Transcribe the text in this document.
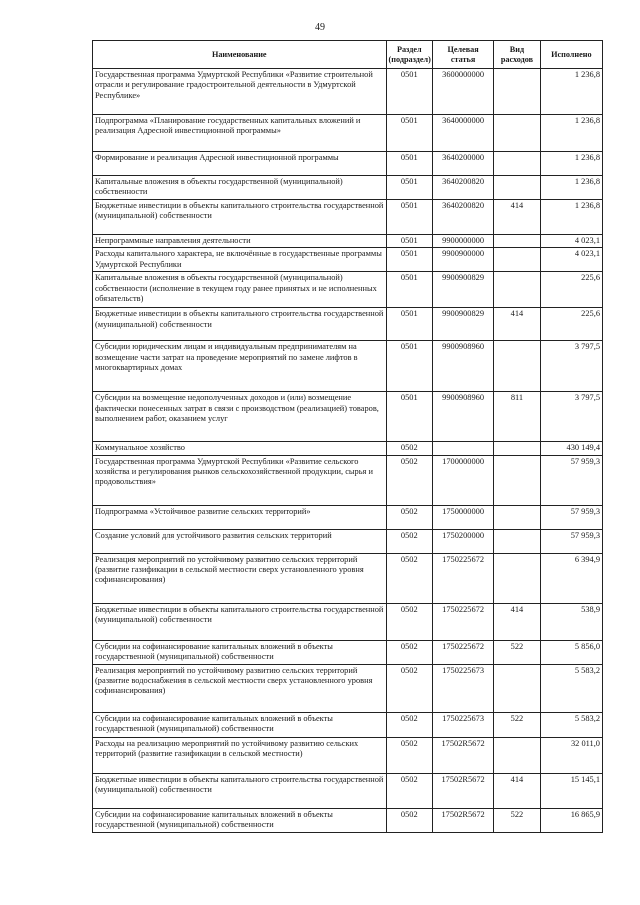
49
Наименование	Раздел (подраздел)	Целевая статья	Вид расходов	Исполнено
Государственная программа Удмуртской Республики «Развитие строительной отрасли и регулирование градостроительной деятельности в Удмуртской Республике»	0501	3600000000		1 236,8
Подпрограмма «Планирование государственных капитальных вложений и реализация Адресной инвестиционной программы»	0501	3640000000		1 236,8
Формирование и реализация Адресной инвестиционной программы	0501	3640200000		1 236,8
Капитальные вложения в объекты государственной (муниципальной) собственности	0501	3640200820		1 236,8
Бюджетные инвестиции в объекты капитального строительства государственной (муниципальной) собственности	0501	3640200820	414	1 236,8
Непрограммные направления деятельности	0501	9900000000		4 023,1
Расходы капитального характера, не включённые в государственные программы Удмуртской Республики	0501	9900900000		4 023,1
Капитальные вложения в объекты государственной (муниципальной) собственности (исполнение в текущем году ранее принятых и не исполненных обязательств)	0501	9900900829		225,6
Бюджетные инвестиции в объекты капитального строительства государственной (муниципальной) собственности	0501	9900900829	414	225,6
Субсидии юридическим лицам и индивидуальным предпринимателям на возмещение части затрат на проведение мероприятий по замене лифтов в многоквартирных домах	0501	9900908960		3 797,5
Субсидии на возмещение недополученных доходов и (или) возмещение фактически понесенных затрат в связи с производством (реализацией) товаров, выполнением работ, оказанием услуг	0501	9900908960	811	3 797,5
Коммунальное хозяйство	0502			430 149,4
Государственная программа Удмуртской Республики «Развитие сельского хозяйства и регулирования рынков сельскохозяйственной продукции, сырья и продовольствия»	0502	1700000000		57 959,3
Подпрограмма «Устойчивое развитие сельских территорий»	0502	1750000000		57 959,3
Создание условий для устойчивого развития сельских территорий	0502	1750200000		57 959,3
Реализация мероприятий по устойчивому развитию сельских территорий (развитие газификации в сельской местности сверх установленного уровня софинансирования)	0502	1750225672		6 394,9
Бюджетные инвестиции в объекты капитального строительства государственной (муниципальной) собственности	0502	1750225672	414	538,9
Субсидии на софинансирование капитальных вложений в объекты государственной (муниципальной) собственности	0502	1750225672	522	5 856,0
Реализация мероприятий по устойчивому развитию сельских территорий (развитие водоснабжения в сельской местности сверх установленного уровня софинансирования)	0502	1750225673		5 583,2
Субсидии на софинансирование капитальных вложений в объекты государственной (муниципальной) собственности	0502	1750225673	522	5 583,2
Расходы на реализацию мероприятий по устойчивому развитию сельских территорий (развитие газификации в сельской местности)	0502	17502R5672		32 011,0
Бюджетные инвестиции в объекты капитального строительства государственной (муниципальной) собственности	0502	17502R5672	414	15 145,1
Субсидии на софинансирование капитальных вложений в объекты государственной (муниципальной) собственности	0502	17502R5672	522	16 865,9
